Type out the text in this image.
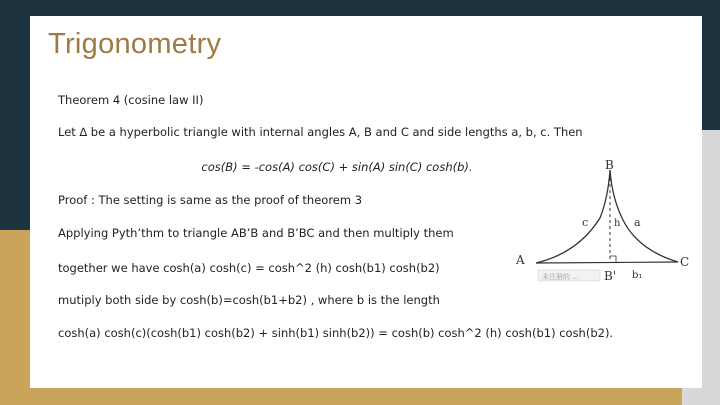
Trigonometry
Theorem 4 (cosine law II)
Let ∆ be a hyperbolic triangle with internal angles A, B and C and side lengths a, b, c. Then
cos(B) = -cos(A) cos(C) + sin(A) sin(C) cosh(b).
Proof : The setting is same as the proof of theorem 3
Applying Pyth’thm to triangle AB’B and B’BC and then multiply them
together we have cosh(a) cosh(c) = cosh^2 (h) cosh(b1) cosh(b2)
mutiply both side by cosh(b)=cosh(b1+b2) , where b is the length
cosh(a) cosh(c)(cosh(b1) cosh(b2) + sinh(b1) sinh(b2)) = cosh(b) cosh^2 (h) cosh(b1) cosh(b2).
未注册的 …
B
A	C
B'
c	a
h
b₁
